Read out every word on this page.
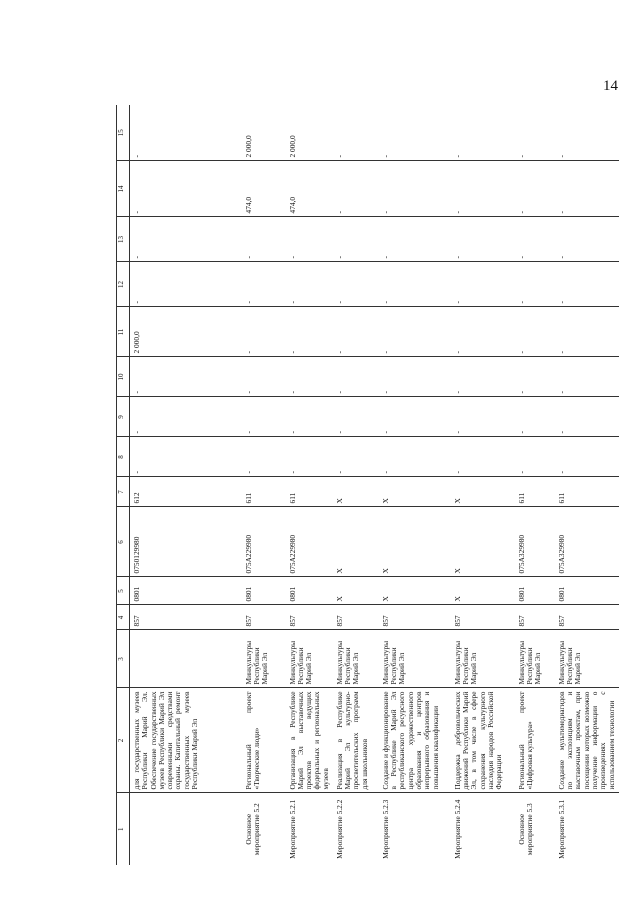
14
1	2	3	4	5	6	7	8	9	10	11	12	13	14	15
	для государственных музеев Республики Марий Эл. Обеспечение государственных музеев Республики Марий Эл современными средствами охраны. Капитальный ремонт государственных музеев Республики Марий Эл		857	0801	0750129980	612	-	-	-	2 000,0	-	-	-	-
Основное мероприятие 5.2	Региональный проект «Творческие люди»	Минкультуры Республики Марий Эл	857	0801	075A229980	611	-	-	-	-	-	-	474,0	2 000,0
Мероприятие 5.2.1	Организация в Республике Марий Эл выставочных проектов ведущих федеральных и региональных музеев	Минкультуры Республики Марий Эл	857	0801	075A229980	611	-	-	-	-	-	-	474,0	2 000,0
Мероприятие 5.2.2	Реализация в Республике Марий Эл культурно-просветительских программ для школьников	Минкультуры Республики Марий Эл	857	X	X	X	-	-	-	-	-	-	-	-
Мероприятие 5.2.3	Создание и функционирование в Республике Марий Эл республиканского ресурсного центра художественного образования и центров непрерывного образования и повышения квалификации	Минкультуры Республики Марий Эл	857	X	X	X	-	-	-	-	-	-	-	-
Мероприятие 5.2.4	Поддержка добровольческих движений Республики Марий Эл, в том числе в сфере сохранения культурного наследия народов Российской Федерации	Минкультуры Республики Марий Эл	857	X	X	X	-	-	-	-	-	-	-	-
Основное мероприятие 5.3	Региональный проект «Цифровая культура»	Минкультуры Республики Марий Эл	857	0801	075A329980	611	-	-	-	-	-	-	-	-
Мероприятие 5.3.1	Создание мультимедиагидов по экспозициям и выставочным проектам, при посещении которых возможно получение информации о произведениях с использованием технологии	Минкультуры Республики Марий Эл	857	0801	075A329980	611	-	-	-	-	-	-	-	-
